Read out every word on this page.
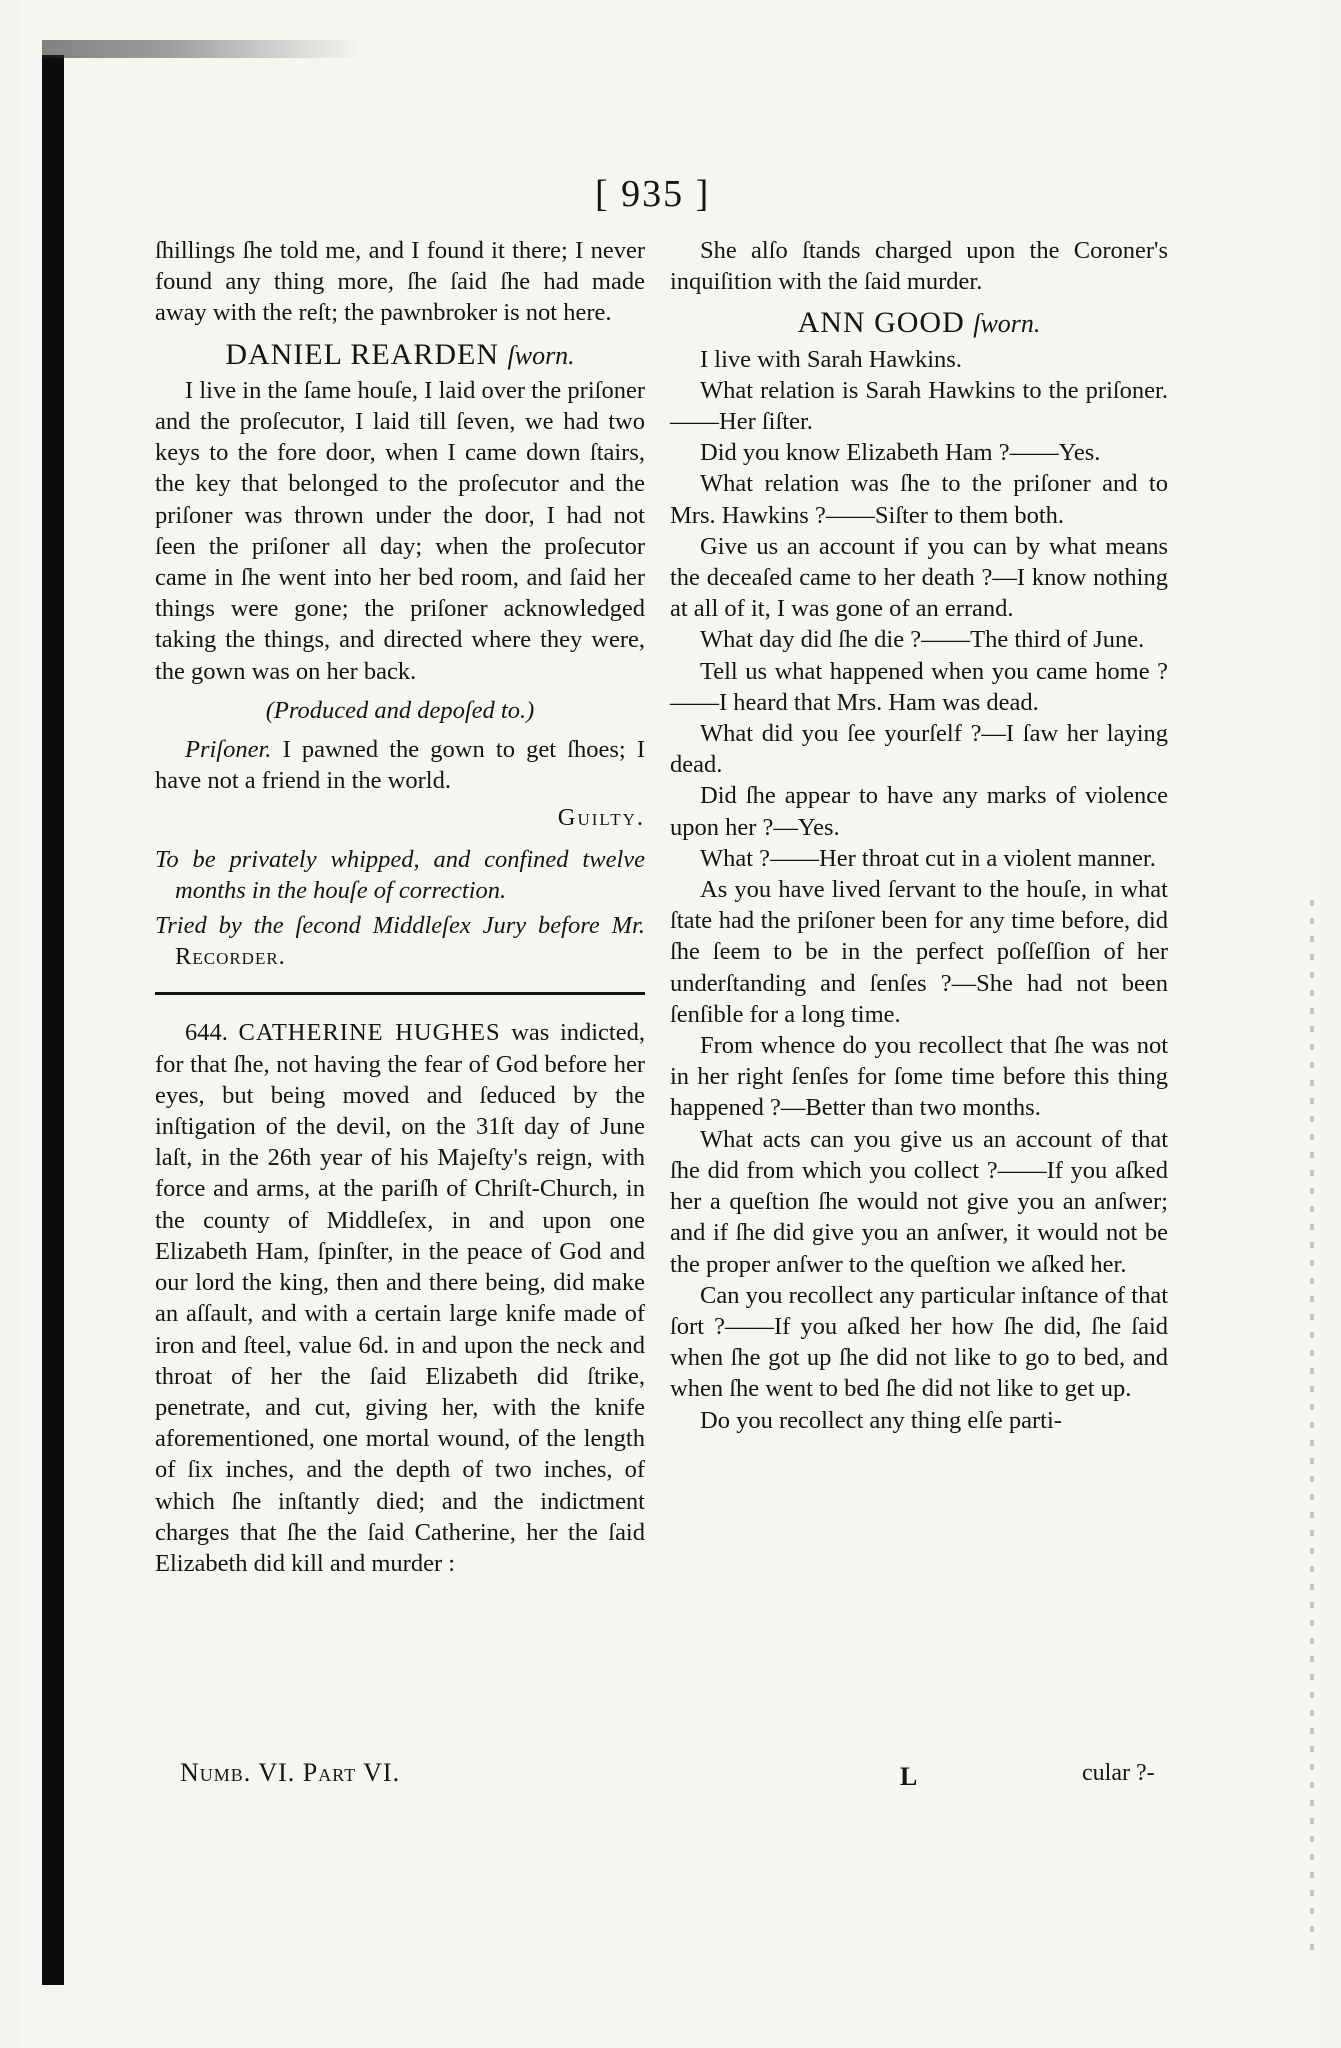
[ 935 ]

ſhillings ſhe told me, and I found it there; I never found any thing more, ſhe ſaid ſhe had made away with the reſt; the pawnbroker is not here.

DANIEL REARDEN ſworn.

I live in the ſame houſe, I laid over the priſoner and the proſecutor, I laid till ſeven, we had two keys to the fore door, when I came down ſtairs, the key that belonged to the proſecutor and the priſoner was thrown under the door, I had not ſeen the priſoner all day; when the proſecutor came in ſhe went into her bed room, and ſaid her things were gone; the priſoner acknowledged taking the things, and directed where they were, the gown was on her back.

(Produced and depoſed to.)

Priſoner. I pawned the gown to get ſhoes; I have not a friend in the world.

Guilty.

To be privately whipped, and confined twelve months in the houſe of correction.

Tried by the ſecond Middleſex Jury before Mr. Recorder.

644. CATHERINE HUGHES was indicted, for that ſhe, not having the fear of God before her eyes, but being moved and ſeduced by the inſtigation of the devil, on the 31ſt day of June laſt, in the 26th year of his Majeſty's reign, with force and arms, at the pariſh of Chriſt-Church, in the county of Middleſex, in and upon one Elizabeth Ham, ſpinſter, in the peace of God and our lord the king, then and there being, did make an aſſault, and with a certain large knife made of iron and ſteel, value 6d. in and upon the neck and throat of her the ſaid Elizabeth did ſtrike, penetrate, and cut, giving her, with the knife aforementioned, one mortal wound, of the length of ſix inches, and the depth of two inches, of which ſhe inſtantly died; and the indictment charges that ſhe the ſaid Catherine, her the ſaid Elizabeth did kill and murder :

She alſo ſtands charged upon the Coroner's inquiſition with the ſaid murder.

ANN GOOD ſworn.

I live with Sarah Hawkins.

What relation is Sarah Hawkins to the priſoner.——Her ſiſter.

Did you know Elizabeth Ham ?——Yes.

What relation was ſhe to the priſoner and to Mrs. Hawkins ?——Siſter to them both.

Give us an account if you can by what means the deceaſed came to her death ?—I know nothing at all of it, I was gone of an errand.

What day did ſhe die ?——The third of June.

Tell us what happened when you came home ?——I heard that Mrs. Ham was dead.

What did you ſee yourſelf ?—I ſaw her laying dead.

Did ſhe appear to have any marks of violence upon her ?—Yes.

What ?——Her throat cut in a violent manner.

As you have lived ſervant to the houſe, in what ſtate had the priſoner been for any time before, did ſhe ſeem to be in the perfect poſſeſſion of her underſtanding and ſenſes ?—She had not been ſenſible for a long time.

From whence do you recollect that ſhe was not in her right ſenſes for ſome time before this thing happened ?—Better than two months.

What acts can you give us an account of that ſhe did from which you collect ?——If you aſked her a queſtion ſhe would not give you an anſwer; and if ſhe did give you an anſwer, it would not be the proper anſwer to the queſtion we aſked her.

Can you recollect any particular inſtance of that ſort ?——If you aſked her how ſhe did, ſhe ſaid when ſhe got up ſhe did not like to go to bed, and when ſhe went to bed ſhe did not like to get up.

Do you recollect any thing elſe parti-

Numb. VI. Part VI.	L	cular ?-
